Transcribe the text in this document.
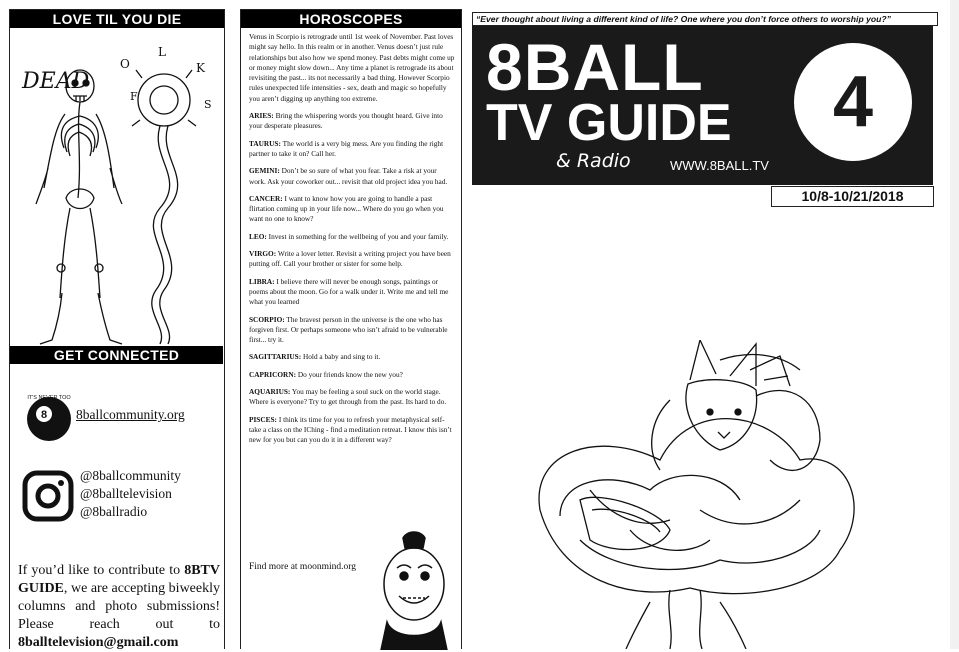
LOVE TIL YOU DIE
DEAD
O
L
K
F
S
GET CONNECTED
8
IT'S NEVER TOO
8ballcommunity.org
@8ballcommunity
@8balltelevision
@8ballradio
If you’d like to contribute to 8BTV GUIDE, we are accepting biweekly columns and photo submissions! Please reach out to 8balltelevision@gmail.com
HOROSCOPES

Venus in Scorpio is retrograde until 1st week of November. Past loves might say hello. In this realm or in another. Venus doesn’t just rule relationships but also how we spend money. Past debts might come up or money might slow down... Any time a planet is retrograde its about revisiting the past... its not necessarily a bad thing. However Scorpio rules unexpected life intensities - sex, death and magic so hopefully you aren’t digging up anything too extreme.

ARIES: Bring the whispering words you thought heard. Give into your desperate pleasures.

TAURUS: The world is a very big mess. Are you finding the right partner to take it on? Call her.

GEMINI: Don’t be so sure of what you fear. Take a risk at your work. Ask your coworker out... revisit that old project idea you had.

CANCER: I want to know how you are going to handle a past flirtation coming up in your life now... Where do you go when you want no one to know?

LEO: Invest in something for the wellbeing of you and your family.

VIRGO: Write a lover letter. Revisit a writing project you have been putting off. Call your brother or sister for some help.

LIBRA: I believe there will never be enough songs, paintings or poems about the moon. Go for a walk under it. Write me and tell me what you learned

SCORPIO: The bravest person in the universe is the one who has forgiven first. Or perhaps someone who isn’t afraid to be vulnerable first... try it.

SAGITTARIUS: Hold a baby and sing to it.

CAPRICORN: Do your friends know the new you?

AQUARIUS: You may be feeling a soul suck on the world stage. Where is everyone? Try to get through from the past. Its hard to do.

PISCES: I think its time for you to refresh your metaphysical self- take a class on the IChing - find a meditation retreat. I know this isn’t new for you but can you do it in a different way?

Find more at moonmind.org
“Ever thought about living a different kind of life? One where you don’t force others to worship you?”
8BALL
TV GUIDE
& Radio	WWW.8BALL.TV
4
10/8-10/21/2018
